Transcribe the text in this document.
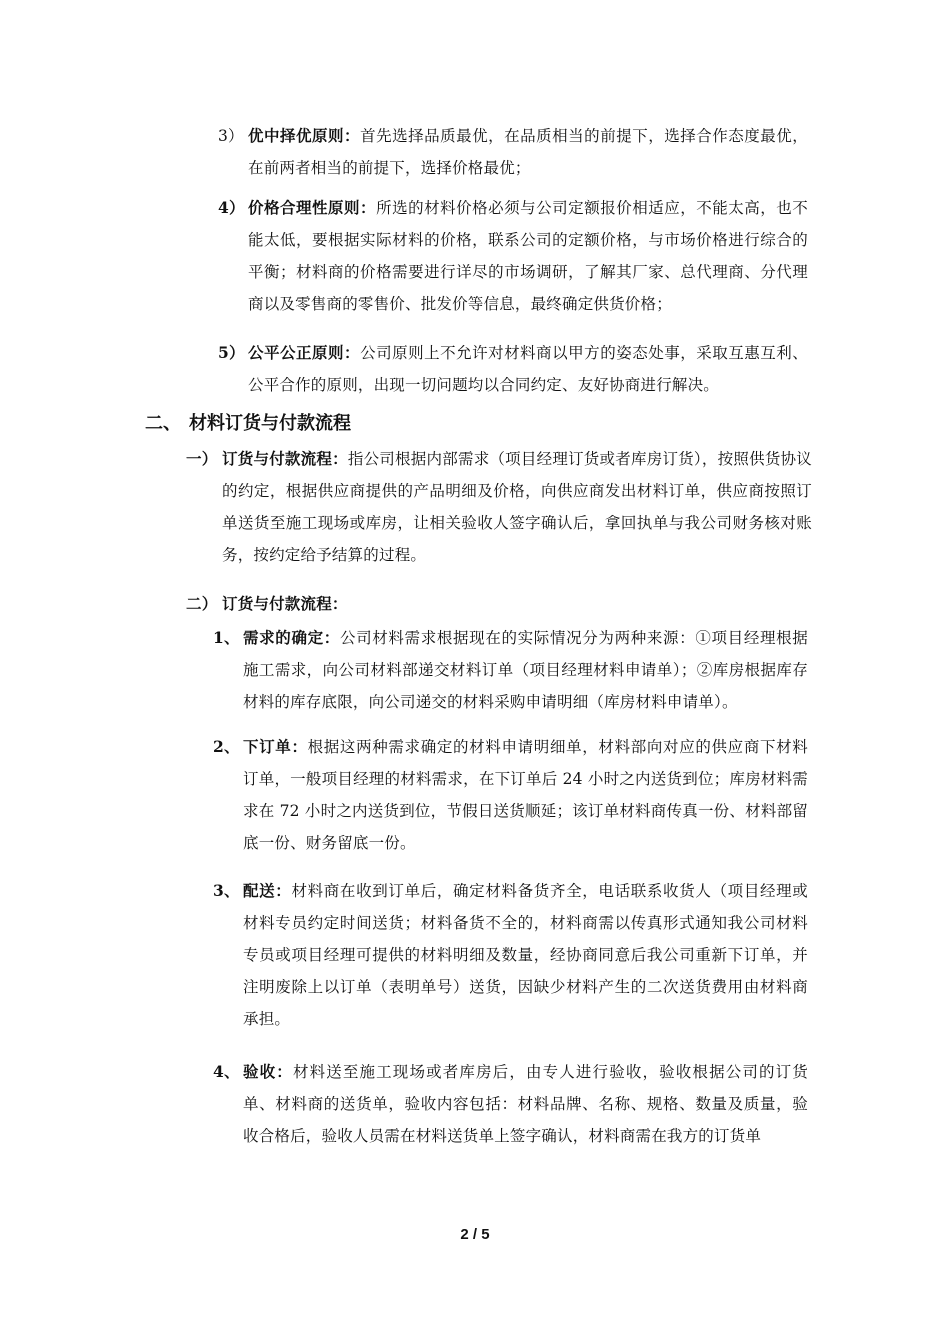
3） 优中择优原则：首先选择品质最优，在品质相当的前提下，选择合作态度最优，在前两者相当的前提下，选择价格最优；
4） 价格合理性原则：所选的材料价格必须与公司定额报价相适应，不能太高，也不能太低，要根据实际材料的价格，联系公司的定额价格，与市场价格进行综合的平衡；材料商的价格需要进行详尽的市场调研，了解其厂家、总代理商、分代理商以及零售商的零售价、批发价等信息，最终确定供货价格；
5） 公平公正原则：公司原则上不允许对材料商以甲方的姿态处事，采取互惠互利、公平合作的原则，出现一切问题均以合同约定、友好协商进行解决。
二、 材料订货与付款流程
一） 订货与付款流程：指公司根据内部需求（项目经理订货或者库房订货），按照供货协议的约定，根据供应商提供的产品明细及价格，向供应商发出材料订单，供应商按照订单送货至施工现场或库房，让相关验收人签字确认后，拿回执单与我公司财务核对账务，按约定给予结算的过程。
二） 订货与付款流程：
1、 需求的确定：公司材料需求根据现在的实际情况分为两种来源：①项目经理根据施工需求，向公司材料部递交材料订单（项目经理材料申请单）；②库房根据库存材料的库存底限，向公司递交的材料采购申请明细（库房材料申请单）。
2、 下订单：根据这两种需求确定的材料申请明细单，材料部向对应的供应商下材料订单，一般项目经理的材料需求，在下订单后 24 小时之内送货到位；库房材料需求在 72 小时之内送货到位，节假日送货顺延；该订单材料商传真一份、材料部留底一份、财务留底一份。
3、 配送：材料商在收到订单后，确定材料备货齐全，电话联系收货人（项目经理或材料专员约定时间送货；材料备货不全的，材料商需以传真形式通知我公司材料专员或项目经理可提供的材料明细及数量，经协商同意后我公司重新下订单，并注明废除上以订单（表明单号）送货，因缺少材料产生的二次送货费用由材料商承担。
4、 验收：材料送至施工现场或者库房后，由专人进行验收，验收根据公司的订货单、材料商的送货单，验收内容包括：材料品牌、名称、规格、数量及质量，验收合格后，验收人员需在材料送货单上签字确认，材料商需在我方的订货单
2 / 5
